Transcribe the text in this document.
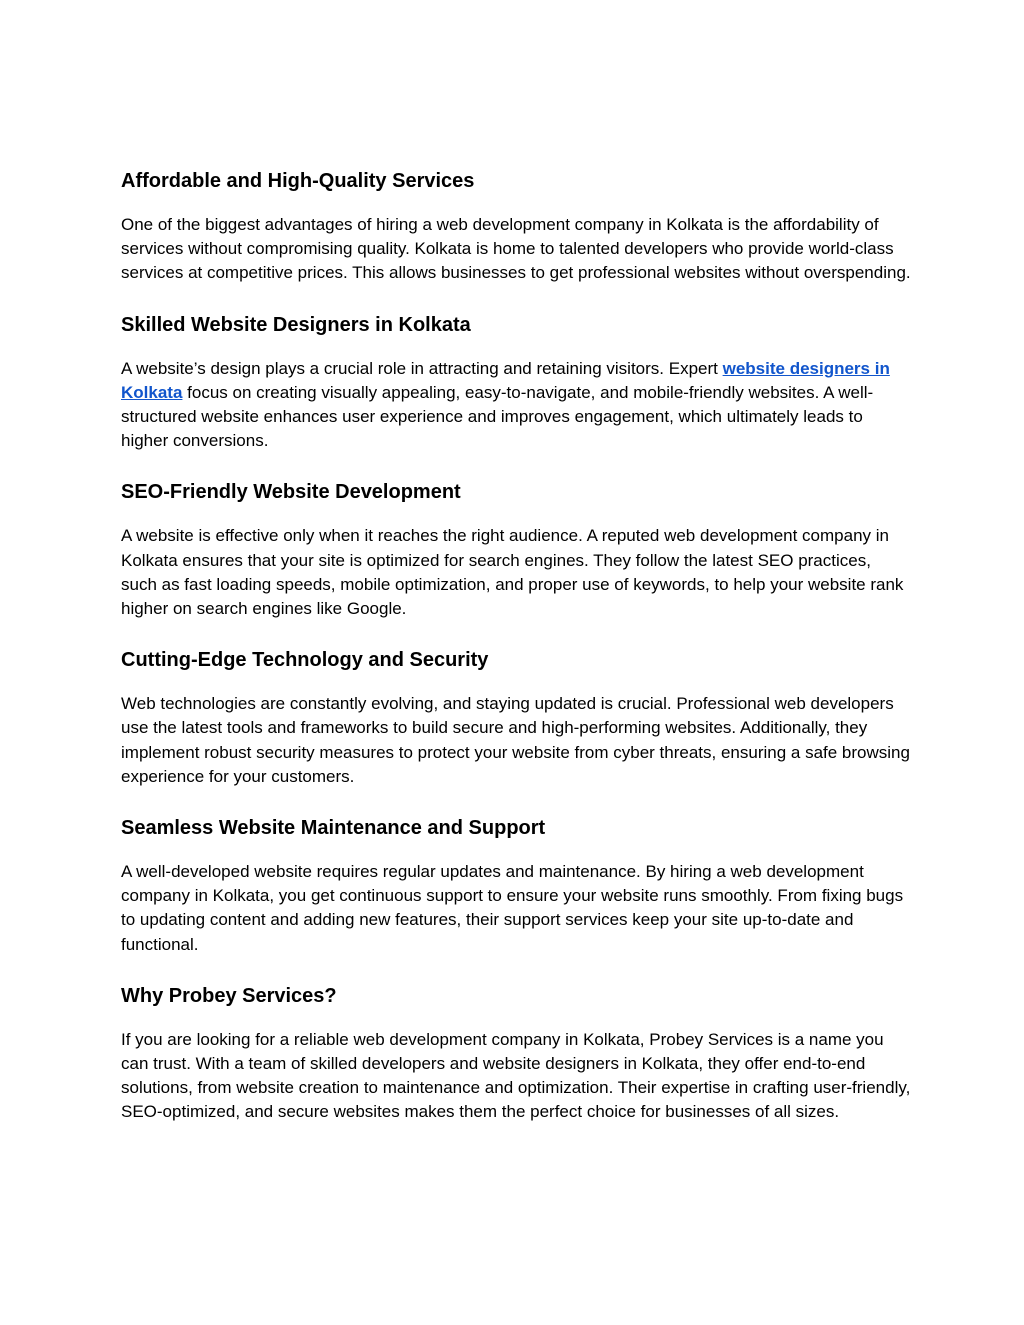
Affordable and High-Quality Services

One of the biggest advantages of hiring a web development company in Kolkata is the affordability of services without compromising quality. Kolkata is home to talented developers who provide world-class services at competitive prices. This allows businesses to get professional websites without overspending.

Skilled Website Designers in Kolkata

A website’s design plays a crucial role in attracting and retaining visitors. Expert website designers in Kolkata focus on creating visually appealing, easy-to-navigate, and mobile-friendly websites. A well-structured website enhances user experience and improves engagement, which ultimately leads to higher conversions.

SEO-Friendly Website Development

A website is effective only when it reaches the right audience. A reputed web development company in Kolkata ensures that your site is optimized for search engines. They follow the latest SEO practices, such as fast loading speeds, mobile optimization, and proper use of keywords, to help your website rank higher on search engines like Google.

Cutting-Edge Technology and Security

Web technologies are constantly evolving, and staying updated is crucial. Professional web developers use the latest tools and frameworks to build secure and high-performing websites. Additionally, they implement robust security measures to protect your website from cyber threats, ensuring a safe browsing experience for your customers.

Seamless Website Maintenance and Support

A well-developed website requires regular updates and maintenance. By hiring a web development company in Kolkata, you get continuous support to ensure your website runs smoothly. From fixing bugs to updating content and adding new features, their support services keep your site up-to-date and functional.

Why Probey Services?

If you are looking for a reliable web development company in Kolkata, Probey Services is a name you can trust. With a team of skilled developers and website designers in Kolkata, they offer end-to-end solutions, from website creation to maintenance and optimization. Their expertise in crafting user-friendly, SEO-optimized, and secure websites makes them the perfect choice for businesses of all sizes.
